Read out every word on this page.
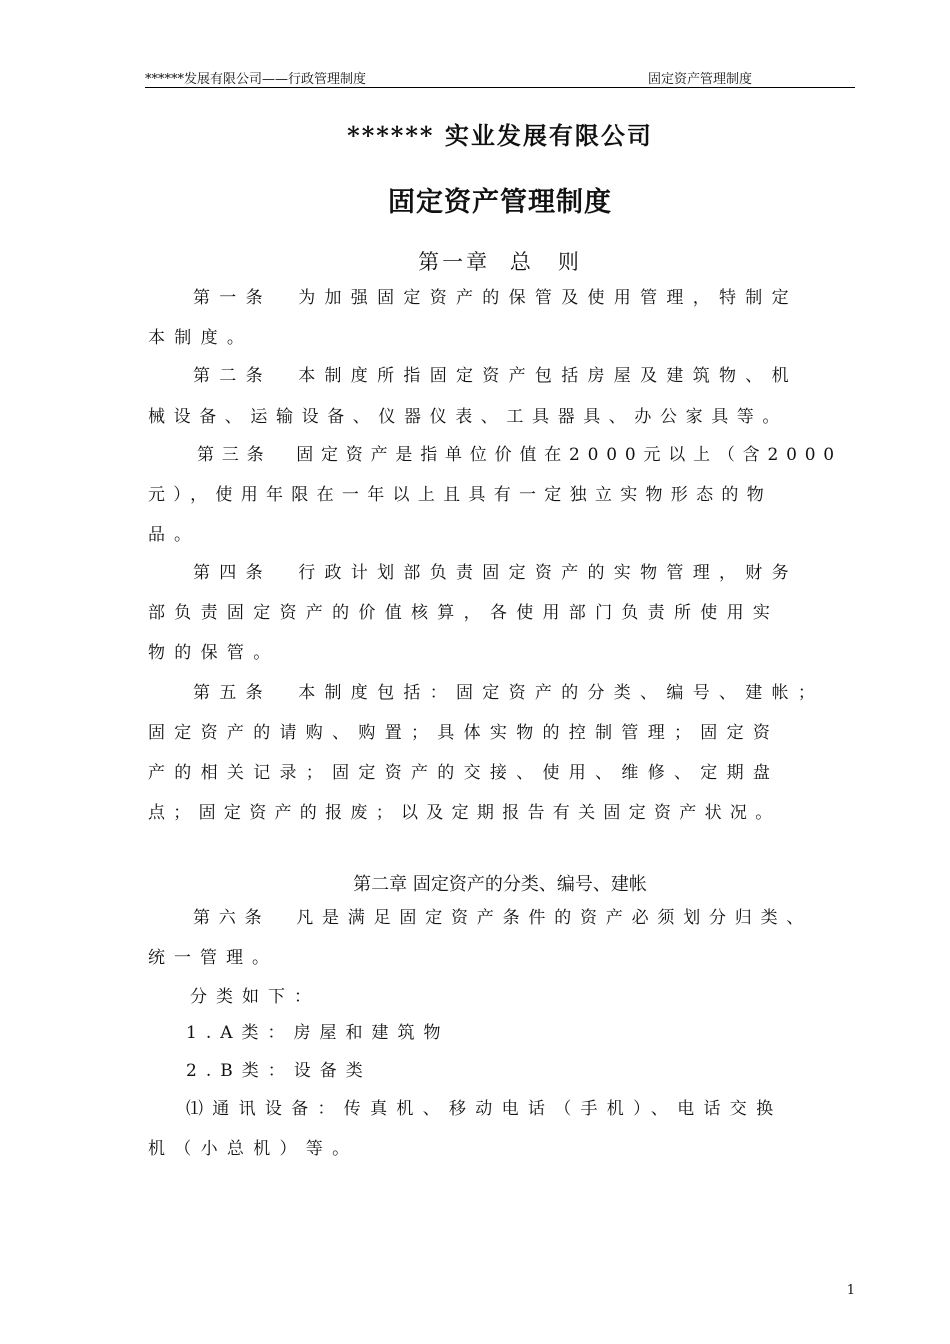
******发展有限公司——行政管理制度	固定资产管理制度
****** 实业发展有限公司
固定资产管理制度
第一章 总　则
第一条　为加强固定资产的保管及使用管理，特制定
本制度。
第二条　本制度所指固定资产包括房屋及建筑物、机
械设备、运输设备、仪器仪表、工具器具、办公家具等。
第三条　固定资产是指单位价值在2000元以上（含2000
元），使用年限在一年以上且具有一定独立实物形态的物
品。
第四条　行政计划部负责固定资产的实物管理，财务
部负责固定资产的价值核算，各使用部门负责所使用实
物的保管。
第五条　本制度包括：固定资产的分类、编号、建帐；
固定资产的请购、购置；具体实物的控制管理；固定资
产的相关记录；固定资产的交接、使用、维修、定期盘
点；固定资产的报废；以及定期报告有关固定资产状况。
第二章 固定资产的分类、编号、建帐
第六条　凡是满足固定资产条件的资产必须划分归类、
统一管理。
分类如下：
1.A类：房屋和建筑物
2.B类：设备类
⑴通讯设备：传真机、移动电话（手机）、电话交换
机（小总机）等。
1
